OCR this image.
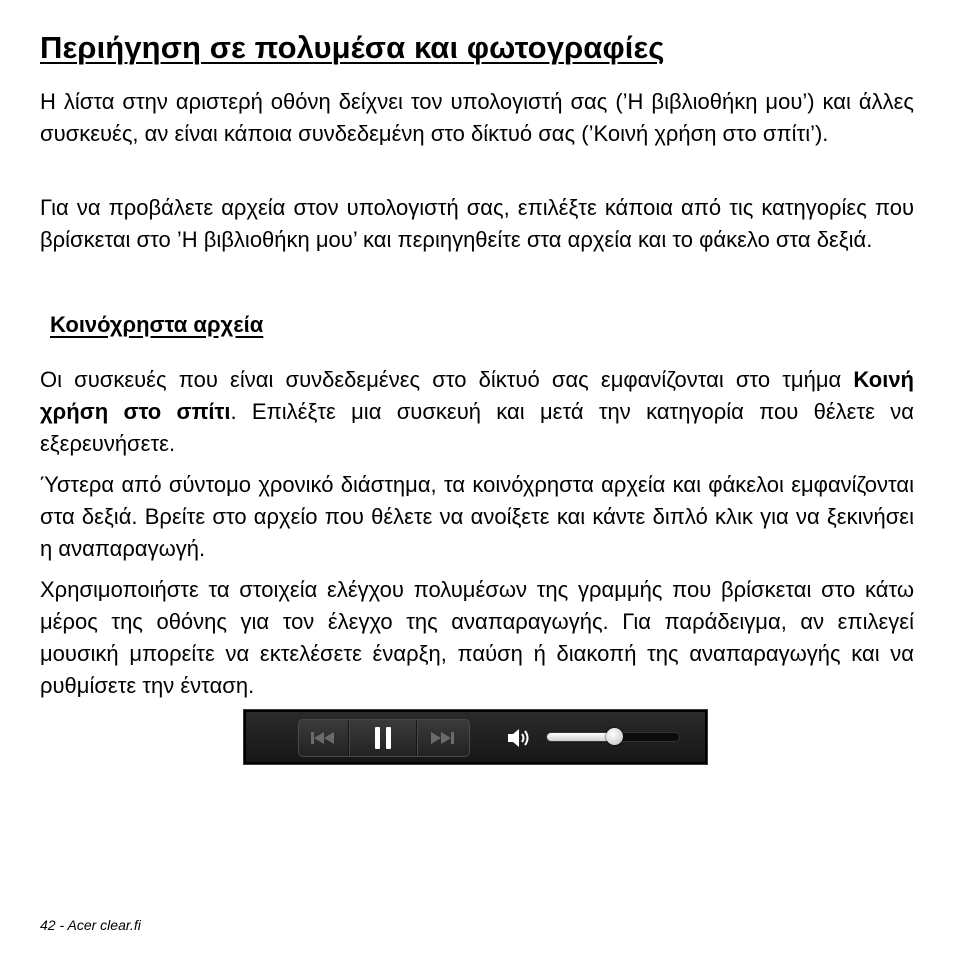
Περιήγηση σε πολυμέσα και φωτογραφίες

Η λίστα στην αριστερή οθόνη δείχνει τον υπολογιστή σας (’Η βιβλιοθήκη μου’) και άλλες συσκευές, αν είναι κάποια συνδεδεμένη στο δίκτυό σας (’Κοινή χρήση στο σπίτι’).

Για να προβάλετε αρχεία στον υπολογιστή σας, επιλέξτε κάποια από τις κατηγορίες που βρίσκεται στο ’Η βιβλιοθήκη μου’ και περιηγηθείτε στα αρχεία και το φάκελο στα δεξιά.

Κοινόχρηστα αρχεία

Οι συσκευές που είναι συνδεδεμένες στο δίκτυό σας εμφανίζονται στο τμήμα Κοινή χρήση στο σπίτι. Επιλέξτε μια συσκευή και μετά την κατηγορία που θέλετε να εξερευνήσετε.

Ύστερα από σύντομο χρονικό διάστημα, τα κοινόχρηστα αρχεία και φάκελοι εμφανίζονται στα δεξιά. Βρείτε στο αρχείο που θέλετε να ανοίξετε και κάντε διπλό κλικ για να ξεκινήσει η αναπαραγωγή.

Χρησιμοποιήστε τα στοιχεία ελέγχου πολυμέσων της γραμμής που βρίσκεται στο κάτω μέρος της οθόνης για τον έλεγχο της αναπαραγωγής. Για παράδειγμα, αν επιλεγεί μουσική μπορείτε να εκτελέσετε έναρξη, παύση ή διακοπή της αναπαραγωγής και να ρυθμίσετε την ένταση.

42 - Acer clear.fi
